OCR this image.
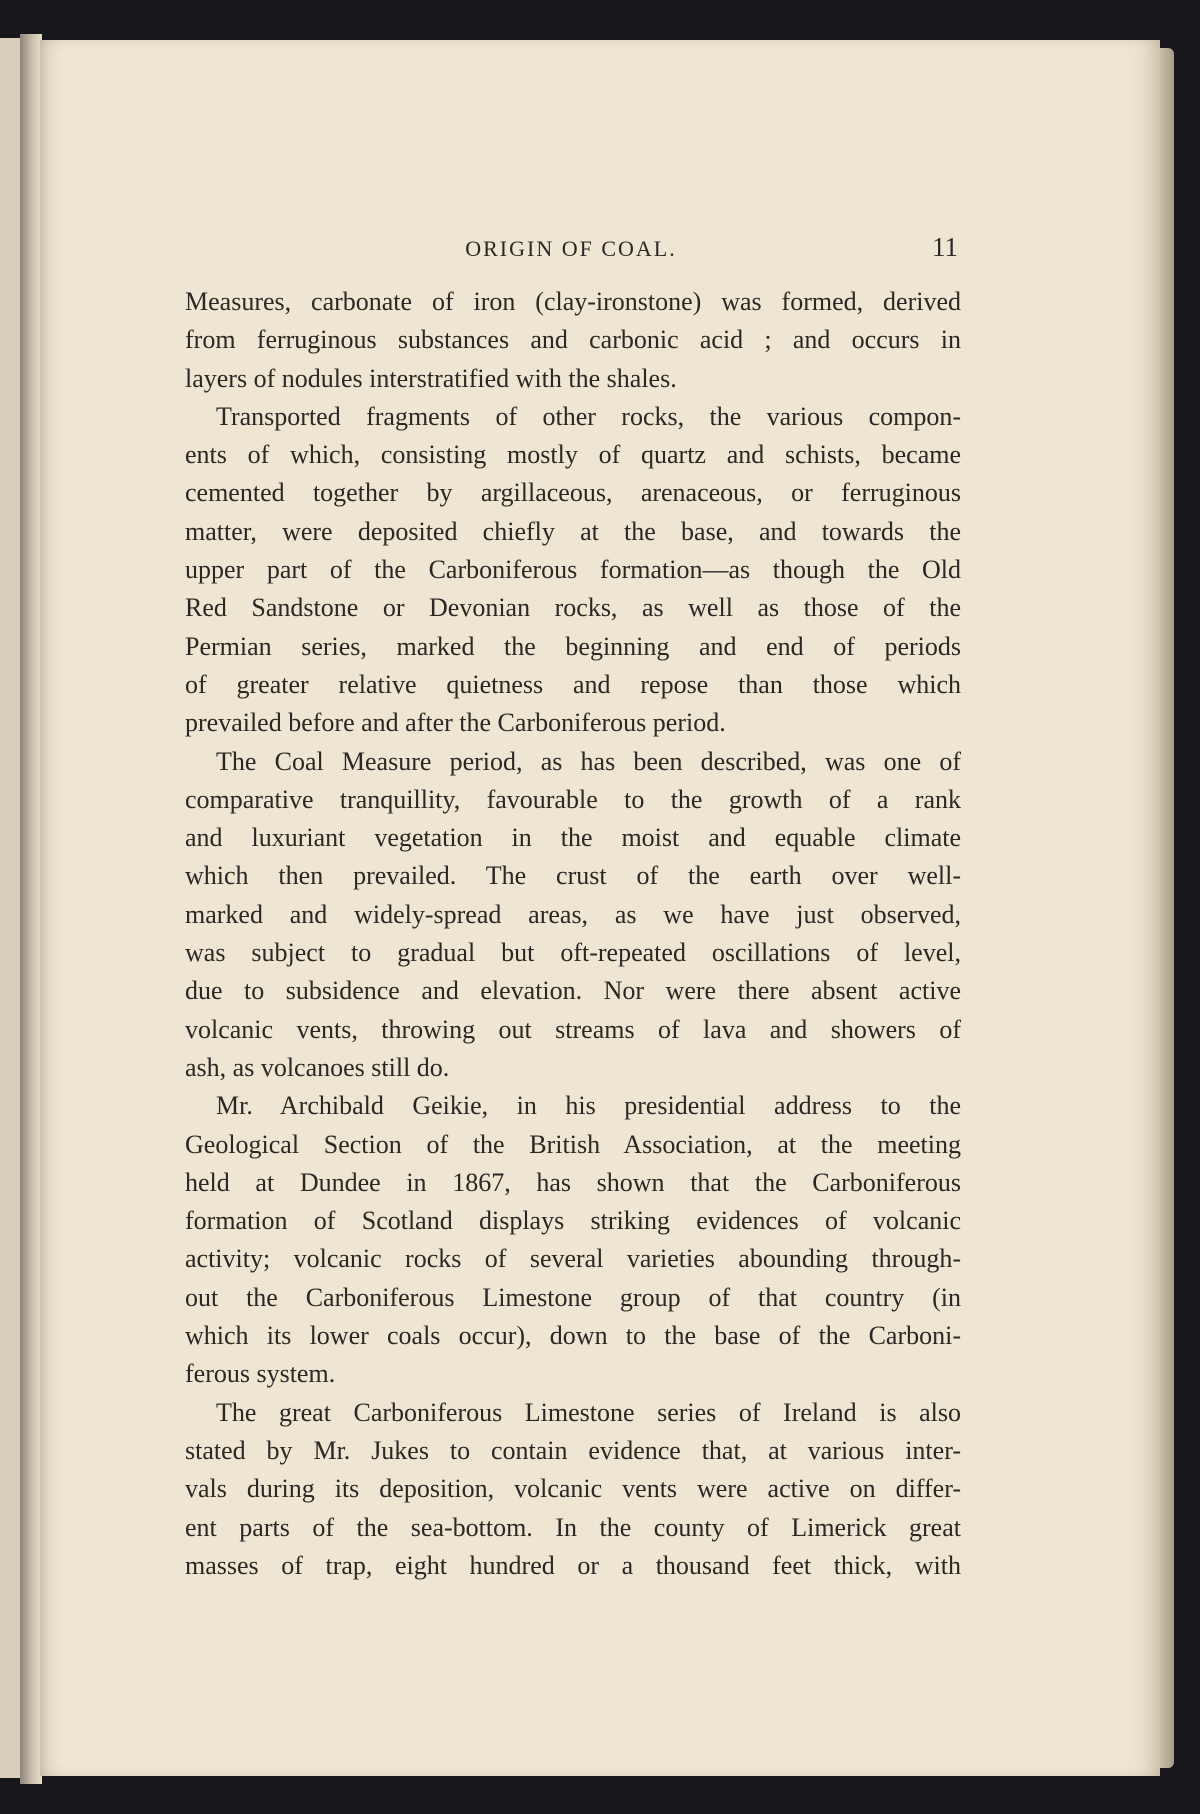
ORIGIN OF COAL.	11
Measures, carbonate of iron (clay-ironstone) was formed, derived
from ferruginous substances and carbonic acid ; and occurs in
layers of nodules interstratified with the shales.
Transported fragments of other rocks, the various compon-
ents of which, consisting mostly of quartz and schists, became
cemented together by argillaceous, arenaceous, or ferruginous
matter, were deposited chiefly at the base, and towards the
upper part of the Carboniferous formation—as though the Old
Red Sandstone or Devonian rocks, as well as those of the
Permian series, marked the beginning and end of periods
of greater relative quietness and repose than those which
prevailed before and after the Carboniferous period.
The Coal Measure period, as has been described, was one of
comparative tranquillity, favourable to the growth of a rank
and luxuriant vegetation in the moist and equable climate
which then prevailed. The crust of the earth over well-
marked and widely-spread areas, as we have just observed,
was subject to gradual but oft-repeated oscillations of level,
due to subsidence and elevation. Nor were there absent active
volcanic vents, throwing out streams of lava and showers of
ash, as volcanoes still do.
Mr. Archibald Geikie, in his presidential address to the
Geological Section of the British Association, at the meeting
held at Dundee in 1867, has shown that the Carboniferous
formation of Scotland displays striking evidences of volcanic
activity; volcanic rocks of several varieties abounding through-
out the Carboniferous Limestone group of that country (in
which its lower coals occur), down to the base of the Carboni-
ferous system.
The great Carboniferous Limestone series of Ireland is also
stated by Mr. Jukes to contain evidence that, at various inter-
vals during its deposition, volcanic vents were active on differ-
ent parts of the sea-bottom. In the county of Limerick great
masses of trap, eight hundred or a thousand feet thick, with
